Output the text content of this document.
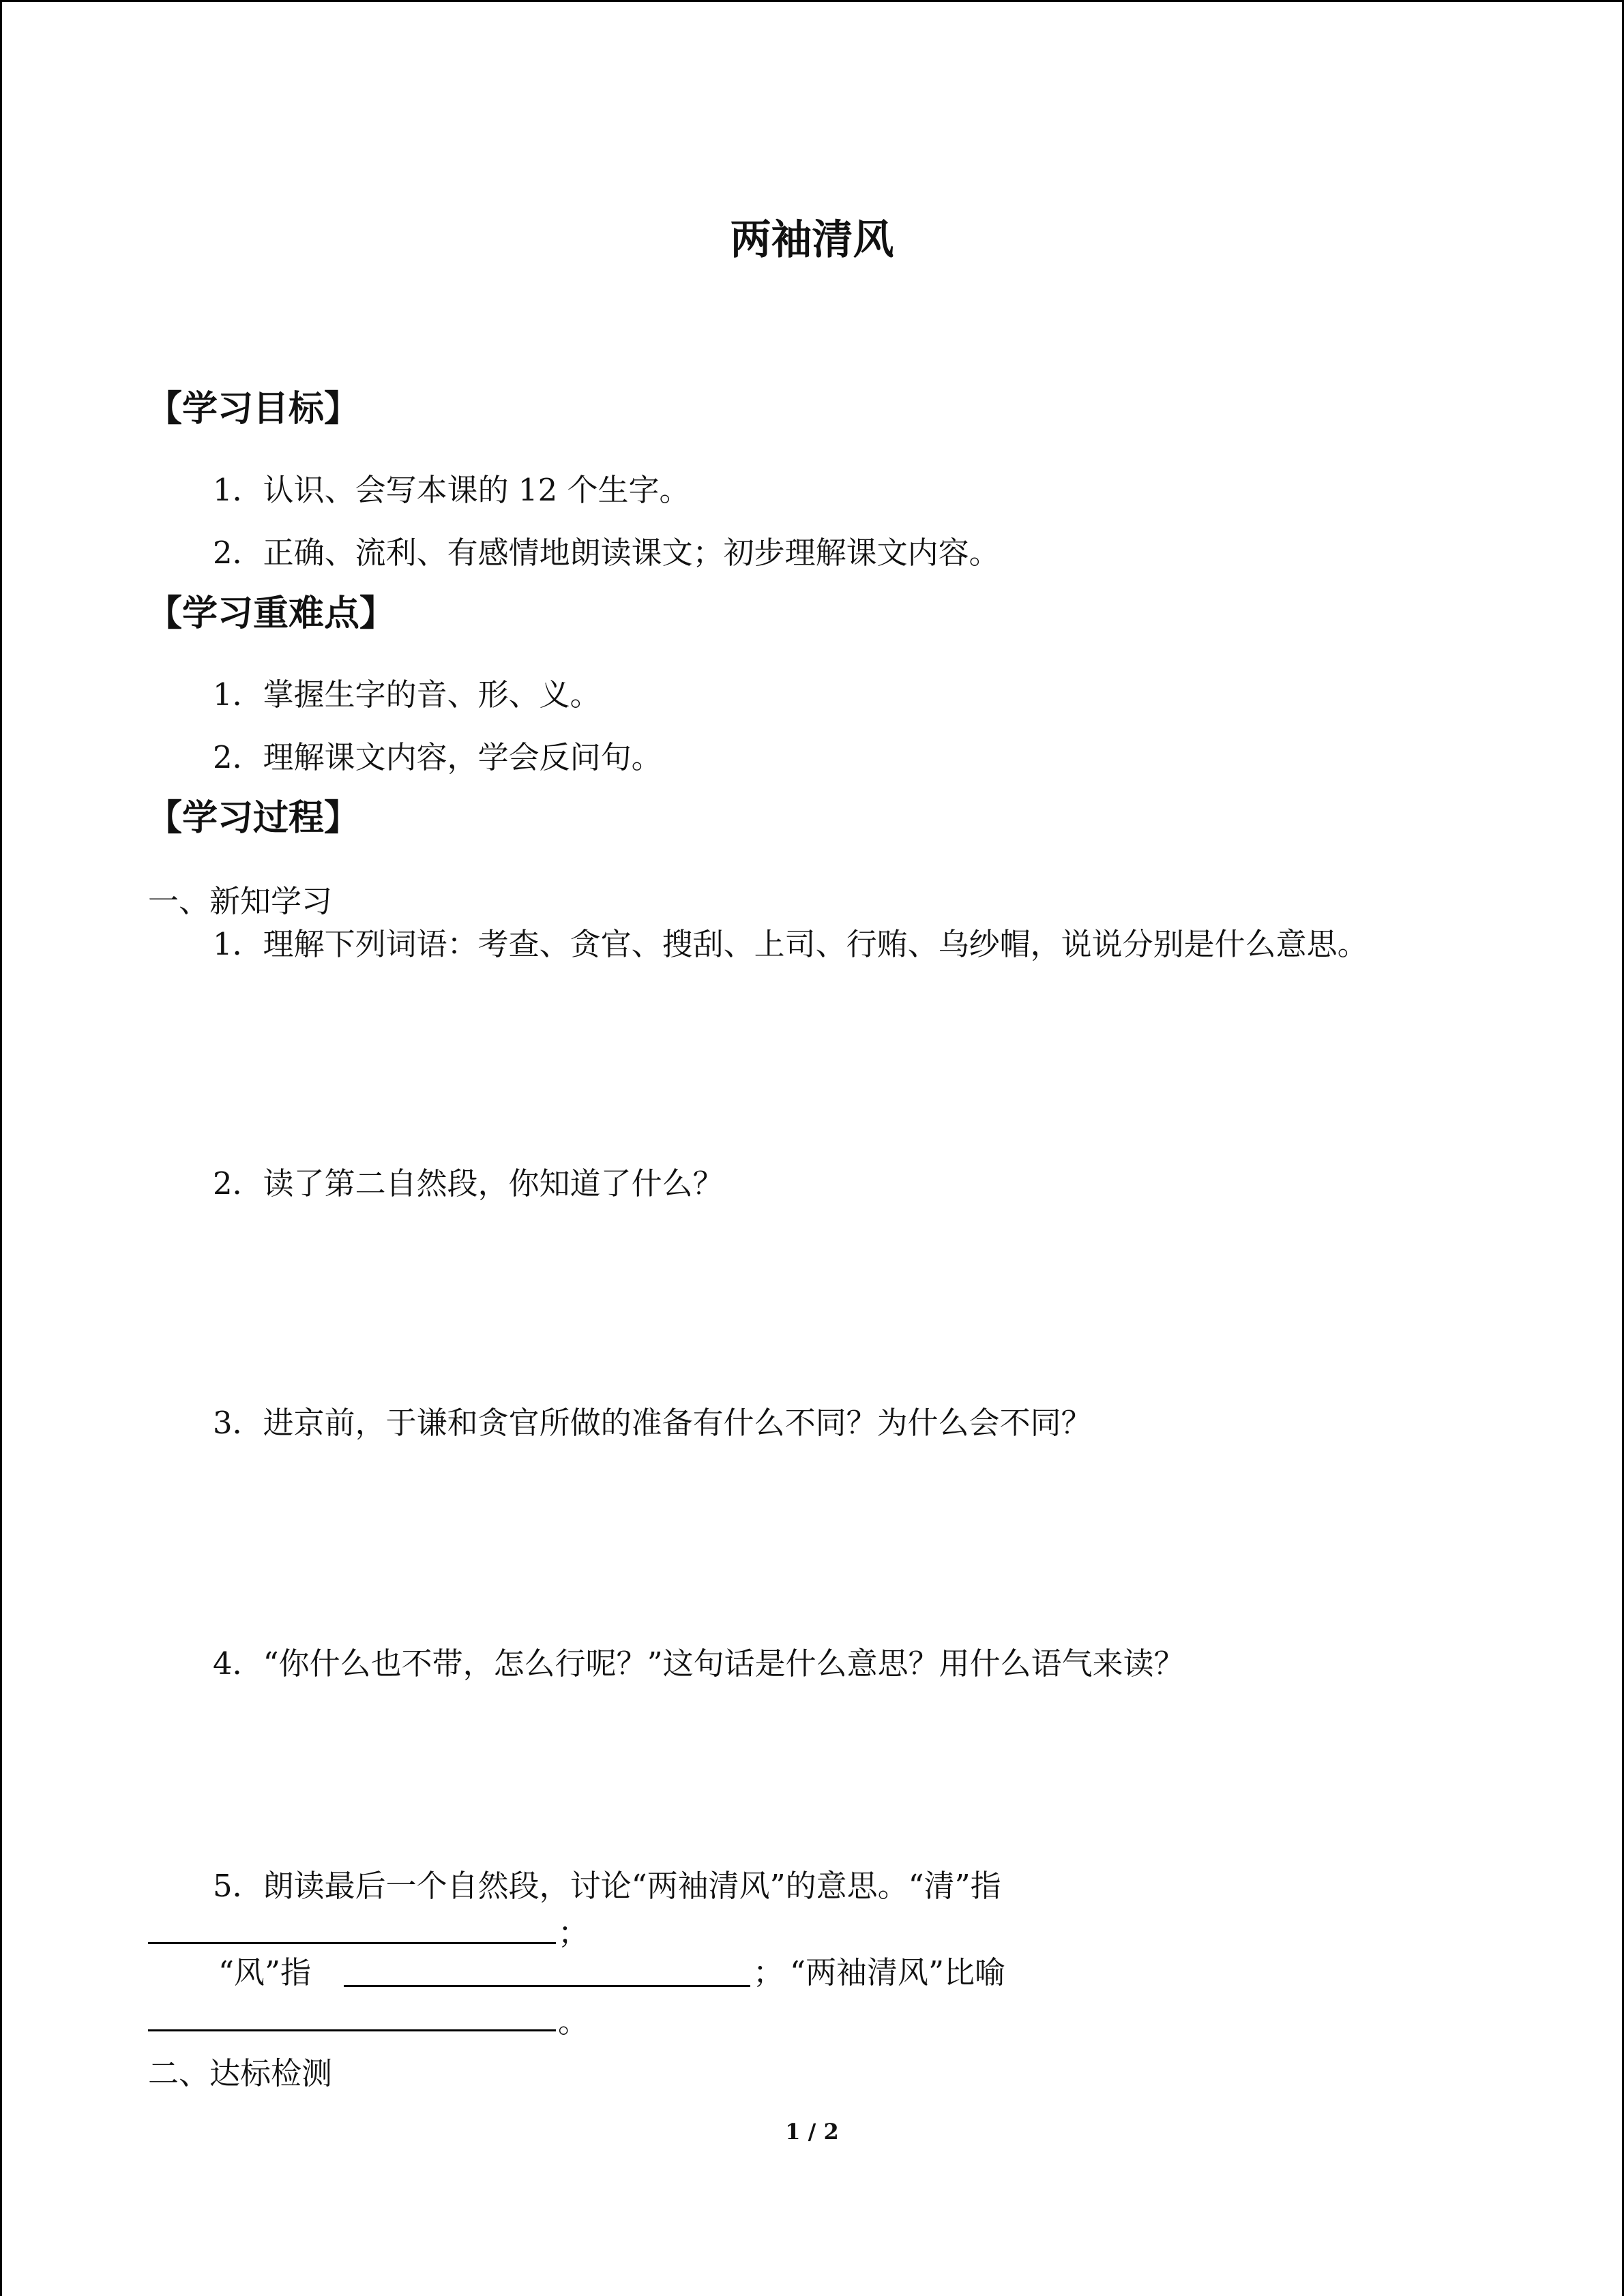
两袖清风
【学习目标】
1．认识、会写本课的 12 个生字。
2．正确、流利、有感情地朗读课文；初步理解课文内容。
【学习重难点】
1．掌握生字的音、形、义。
2．理解课文内容，学会反问句。
【学习过程】
一、新知学习
1．理解下列词语：考查、贪官、搜刮、上司、行贿、乌纱帽，说说分别是什么意思。
2．读了第二自然段，你知道了什么？
3．进京前，于谦和贪官所做的准备有什么不同？为什么会不同？
4．“你什么也不带，怎么行呢？”这句话是什么意思？用什么语气来读？
5．朗读最后一个自然段，讨论“两袖清风”的意思。“清”指
；
“风”指	； “两袖清风”比喻
。
二、达标检测
1 / 2
